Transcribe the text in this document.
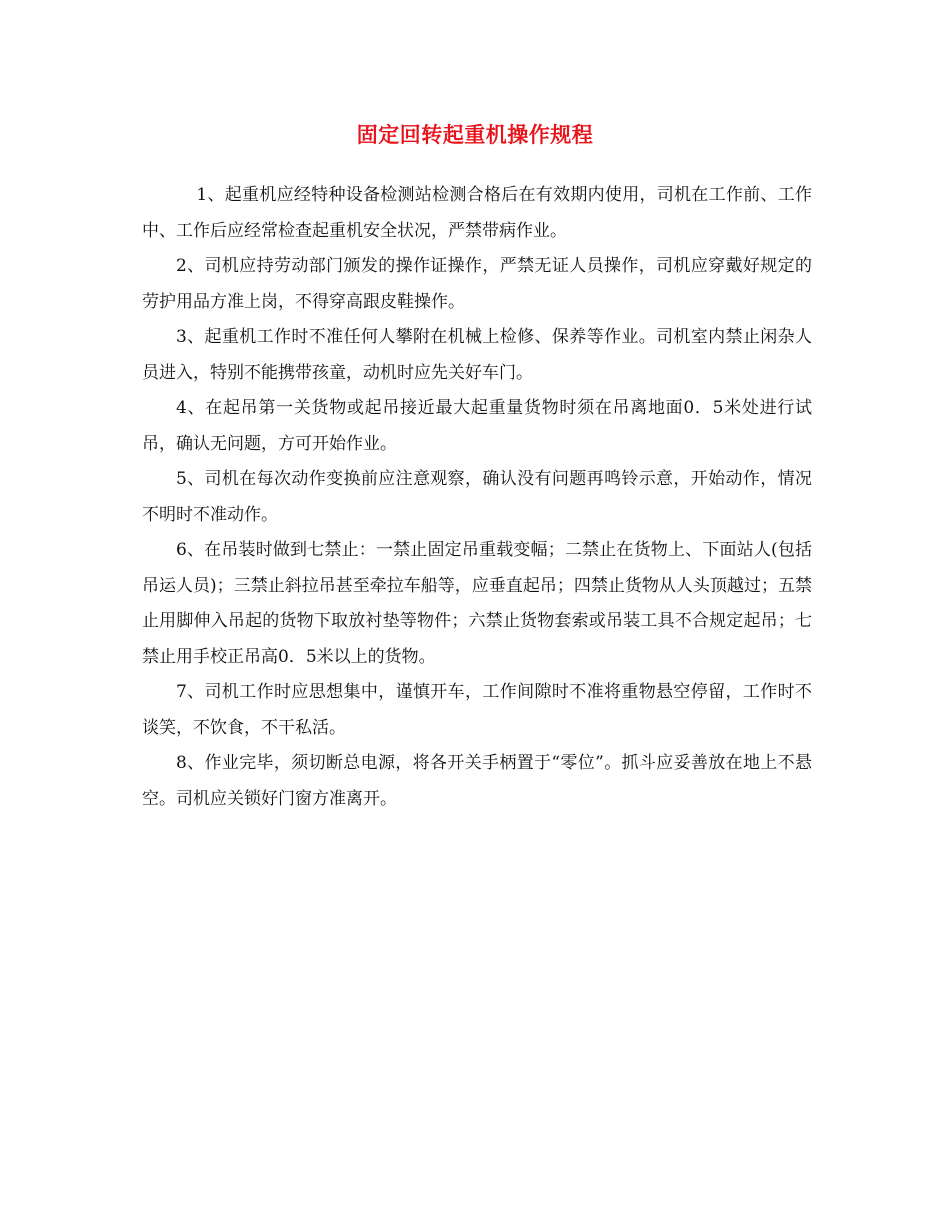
固定回转起重机操作规程

1、起重机应经特种设备检测站检测合格后在有效期内使用，司机在工作前、工作中、工作后应经常检查起重机安全状况，严禁带病作业。

2、司机应持劳动部门颁发的操作证操作，严禁无证人员操作，司机应穿戴好规定的劳护用品方准上岗，不得穿高跟皮鞋操作。

3、起重机工作时不准任何人攀附在机械上检修、保养等作业。司机室内禁止闲杂人员进入，特别不能携带孩童，动机时应先关好车门。

4、在起吊第一关货物或起吊接近最大起重量货物时须在吊离地面0．5米处进行试吊，确认无问题，方可开始作业。

5、司机在每次动作变换前应注意观察，确认没有问题再鸣铃示意，开始动作，情况不明时不准动作。

6、在吊装时做到七禁止：一禁止固定吊重载变幅；二禁止在货物上、下面站人(包括吊运人员)；三禁止斜拉吊甚至牵拉车船等，应垂直起吊；四禁止货物从人头顶越过；五禁止用脚伸入吊起的货物下取放衬垫等物件；六禁止货物套索或吊装工具不合规定起吊；七禁止用手校正吊高0．5米以上的货物。

7、司机工作时应思想集中，谨慎开车，工作间隙时不准将重物悬空停留，工作时不谈笑，不饮食，不干私活。

8、作业完毕，须切断总电源，将各开关手柄置于“零位”。抓斗应妥善放在地上不悬空。司机应关锁好门窗方准离开。
